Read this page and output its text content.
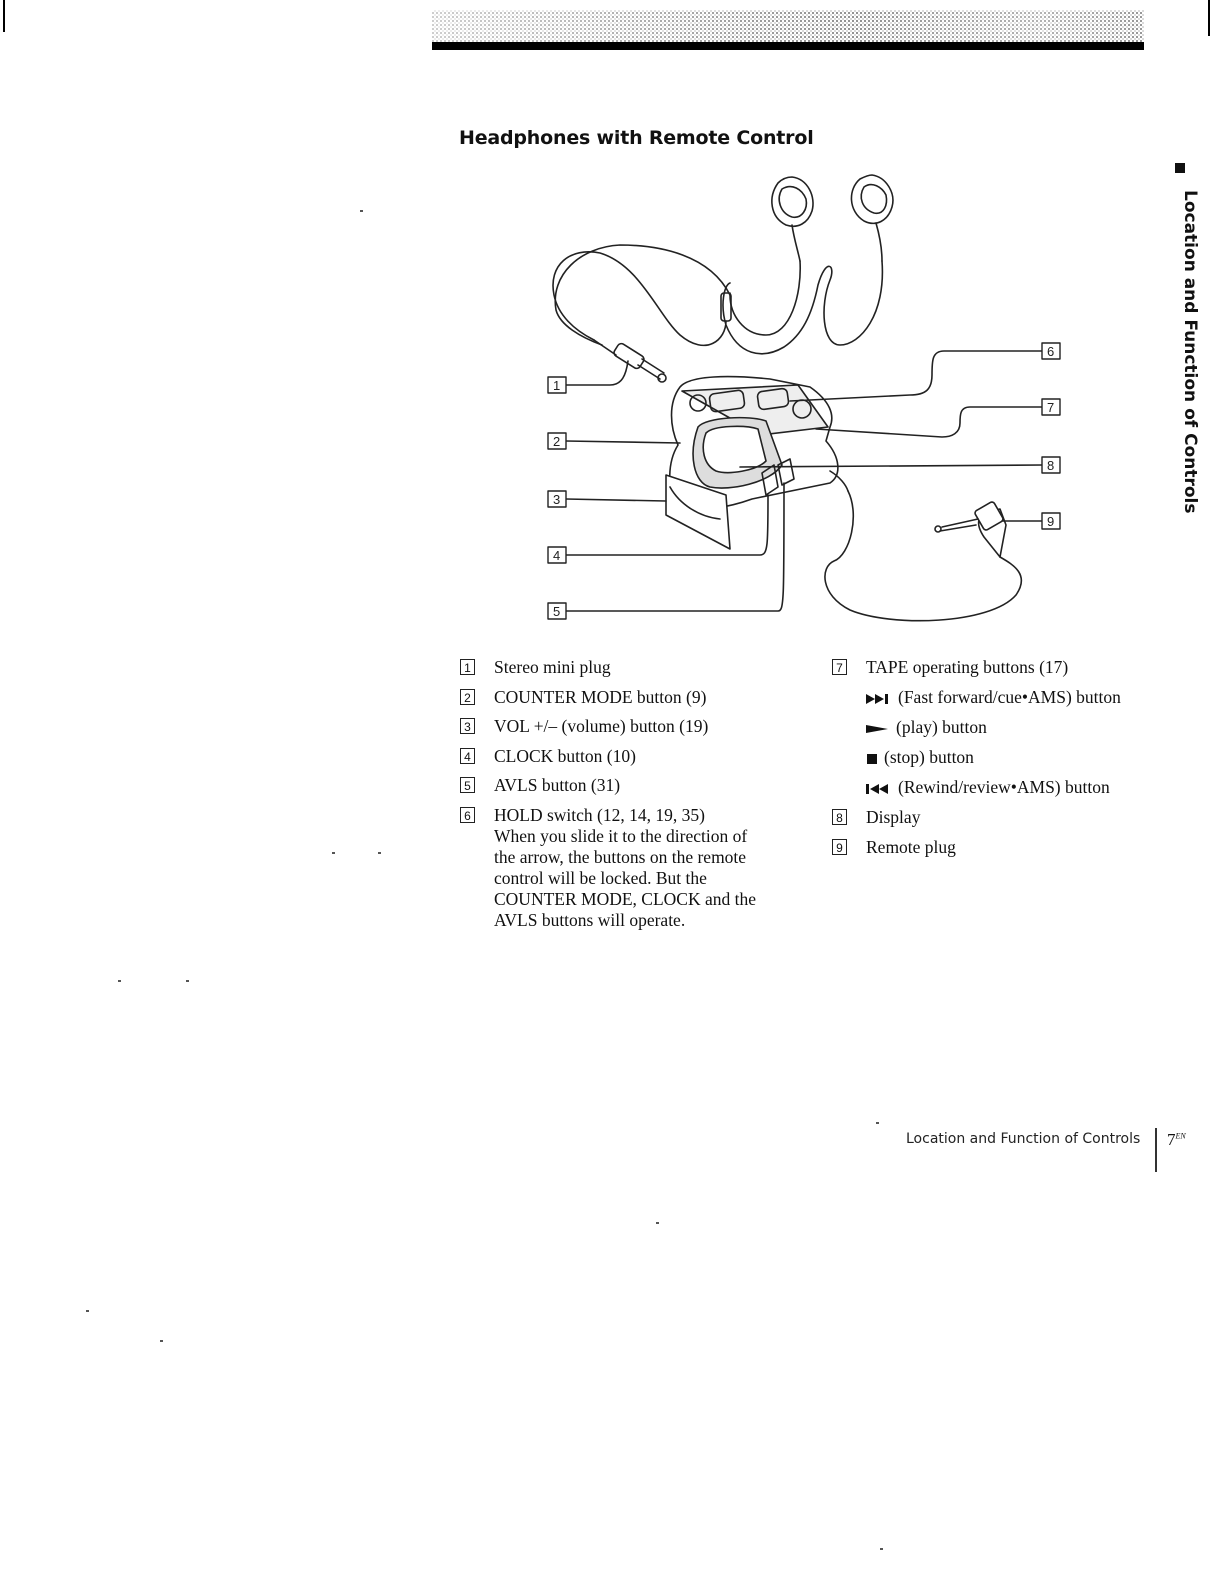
Headphones with Remote Control
Location and Function of Controls
1
2
3
4
5
6
7
8
9
1 Stereo mini plug
2 COUNTER MODE button (9)
3 VOL +/– (volume) button (19)
4 CLOCK button (10)
5 AVLS button (31)
6 HOLD switch (12, 14, 19, 35)
When you slide it to the direction of the arrow, the buttons on the remote control will be locked. But the COUNTER MODE, CLOCK and the AVLS buttons will operate.
7 TAPE operating buttons (17)
(Fast forward/cue•AMS) button
(play) button
(stop) button
(Rewind/review•AMS) button
8 Display
9 Remote plug
Location and Function of Controls $7^{EN}$
